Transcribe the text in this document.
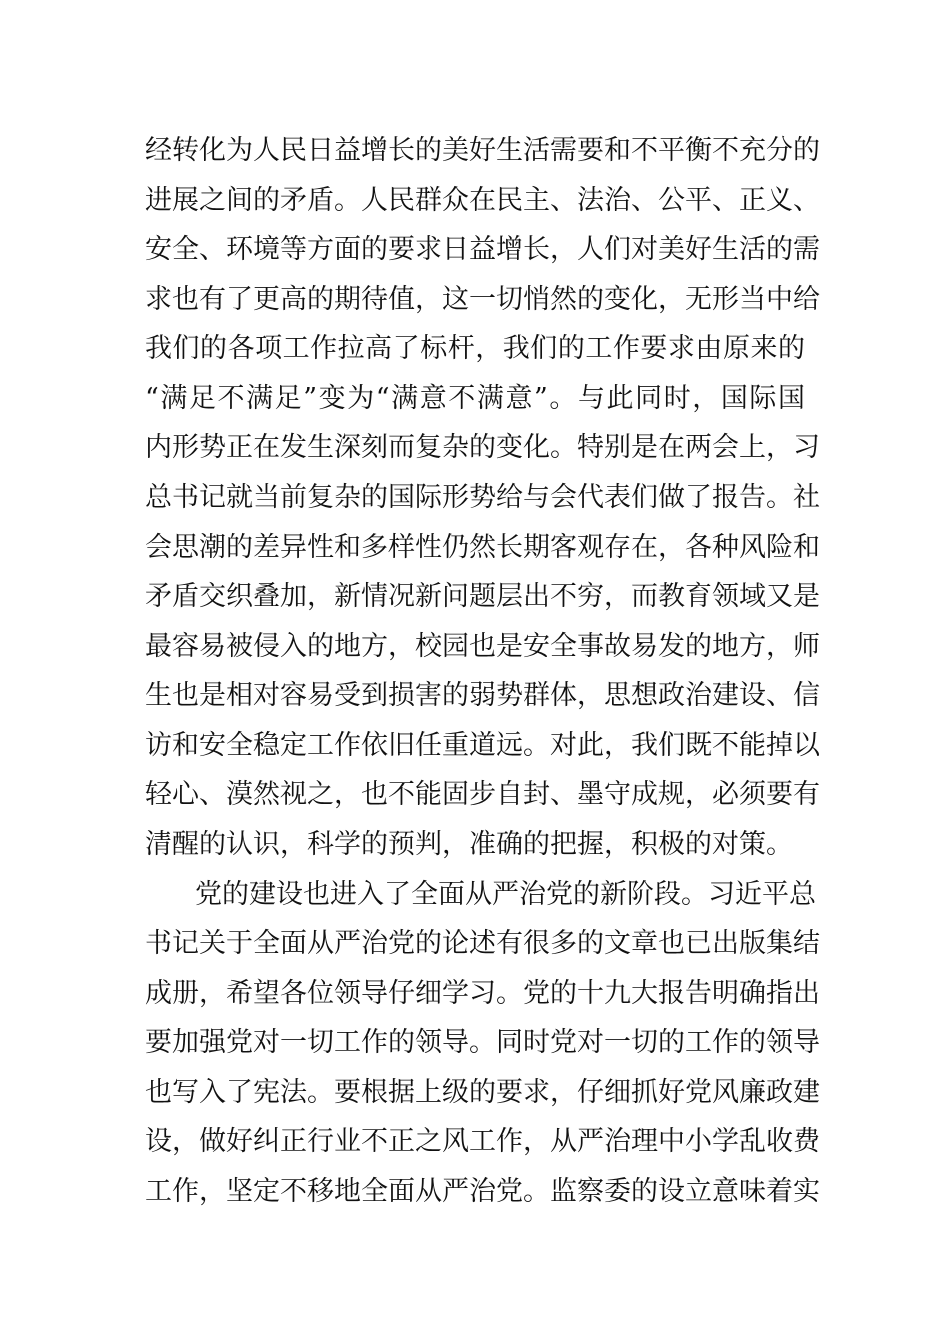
经转化为人民日益增长的美好生活需要和不平衡不充分的
进展之间的矛盾。人民群众在民主、法治、公平、正义、
安全、环境等方面的要求日益增长，人们对美好生活的需
求也有了更高的期待值，这一切悄然的变化，无形当中给
我们的各项工作拉高了标杆，我们的工作要求由原来的
“满足不满足”变为“满意不满意”。与此同时，国际国
内形势正在发生深刻而复杂的变化。特别是在两会上，习
总书记就当前复杂的国际形势给与会代表们做了报告。社
会思潮的差异性和多样性仍然长期客观存在，各种风险和
矛盾交织叠加，新情况新问题层出不穷，而教育领域又是
最容易被侵入的地方，校园也是安全事故易发的地方，师
生也是相对容易受到损害的弱势群体，思想政治建设、信
访和安全稳定工作依旧任重道远。对此，我们既不能掉以
轻心、漠然视之，也不能固步自封、墨守成规，必须要有
清醒的认识，科学的预判，准确的把握，积极的对策。
党的建设也进入了全面从严治党的新阶段。习近平总
书记关于全面从严治党的论述有很多的文章也已出版集结
成册，希望各位领导仔细学习。党的十九大报告明确指出
要加强党对一切工作的领导。同时党对一切的工作的领导
也写入了宪法。要根据上级的要求，仔细抓好党风廉政建
设，做好纠正行业不正之风工作，从严治理中小学乱收费
工作，坚定不移地全面从严治党。监察委的设立意味着实
